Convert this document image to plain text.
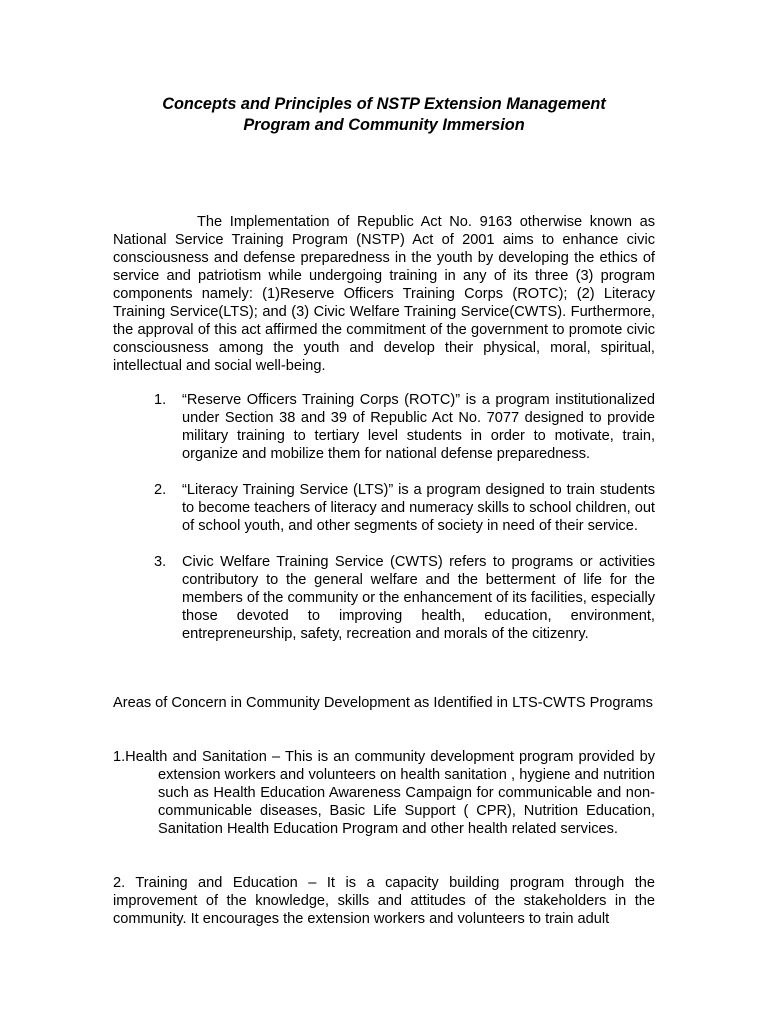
Concepts and Principles of NSTP Extension Management
Program and Community Immersion
The Implementation of Republic Act No. 9163 otherwise known as National Service Training Program (NSTP) Act of 2001 aims to enhance civic consciousness and defense preparedness in the youth by developing the ethics of service and patriotism while undergoing training in any of its three (3) program components namely: (1)Reserve Officers Training Corps (ROTC); (2) Literacy Training Service(LTS); and (3) Civic Welfare Training Service(CWTS). Furthermore, the approval of this act affirmed the commitment of the government to promote civic consciousness among the youth and develop their physical, moral, spiritual, intellectual and social well-being.
1. “Reserve Officers Training Corps (ROTC)” is a program institutionalized under Section 38 and 39 of Republic Act No. 7077 designed to provide military training to tertiary level students in order to motivate, train, organize and mobilize them for national defense preparedness.
2. “Literacy Training Service (LTS)” is a program designed to train students to become teachers of literacy and numeracy skills to school children, out of school youth, and other segments of society in need of their service.
3. Civic Welfare Training Service (CWTS) refers to programs or activities contributory to the general welfare and the betterment of life for the members of the community or the enhancement of its facilities, especially those devoted to improving health, education, environment, entrepreneurship, safety, recreation and morals of the citizenry.
Areas of Concern in Community Development as Identified in LTS-CWTS Programs
1.Health and Sanitation – This is an community development program provided by extension workers and volunteers on health sanitation , hygiene and nutrition such as Health Education Awareness Campaign for communicable and non-communicable diseases, Basic Life Support ( CPR), Nutrition Education, Sanitation Health Education Program and other health related services.
2. Training and Education – It is a capacity building program through the improvement of the knowledge, skills and attitudes of the stakeholders in the community. It encourages the extension workers and volunteers to train adult
